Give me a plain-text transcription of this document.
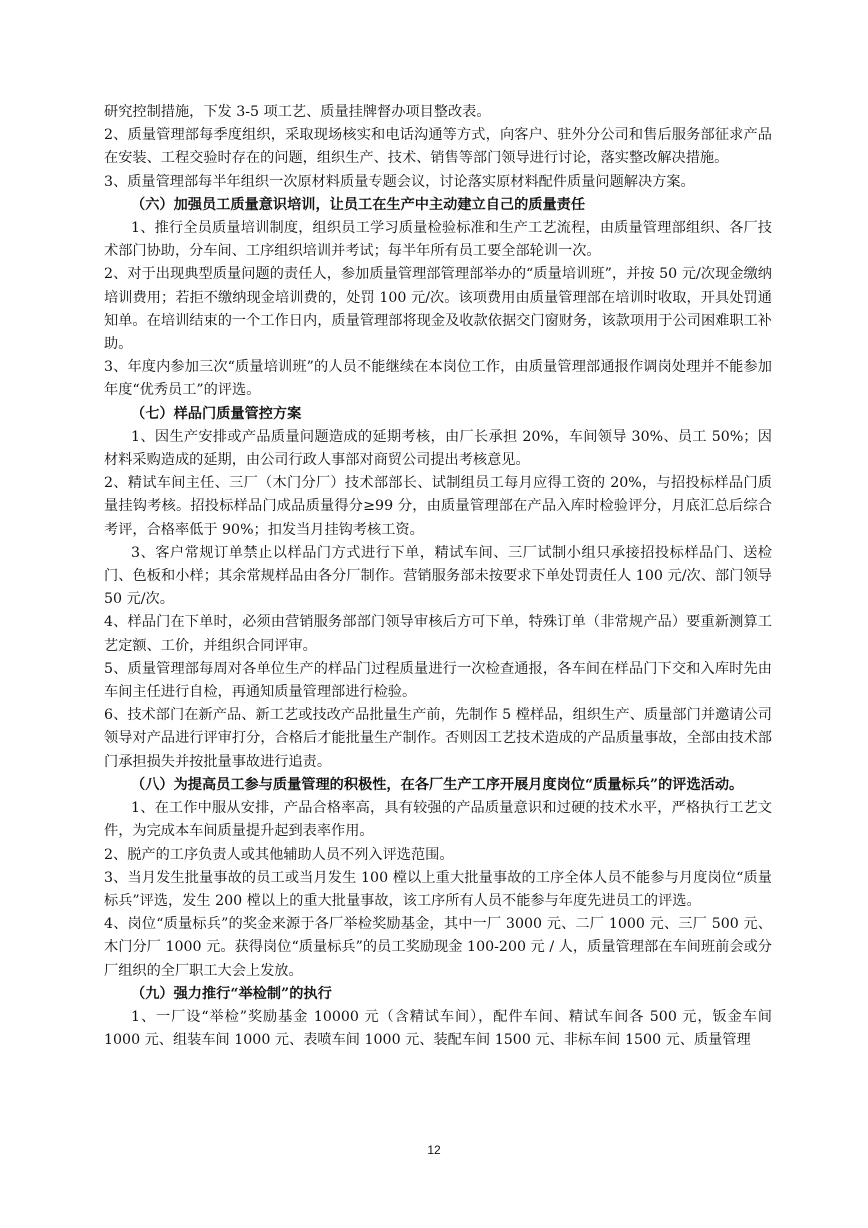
研究控制措施，下发 3-5 项工艺、质量挂牌督办项目整改表。

2、质量管理部每季度组织，采取现场核实和电话沟通等方式，向客户、驻外分公司和售后服务部征求产品在安装、工程交验时存在的问题，组织生产、技术、销售等部门领导进行讨论，落实整改解决措施。

3、质量管理部每半年组织一次原材料质量专题会议，讨论落实原材料配件质量问题解决方案。

（六）加强员工质量意识培训，让员工在生产中主动建立自己的质量责任

1、推行全员质量培训制度，组织员工学习质量检验标准和生产工艺流程，由质量管理部组织、各厂技术部门协助，分车间、工序组织培训并考试；每半年所有员工要全部轮训一次。

2、对于出现典型质量问题的责任人，参加质量管理部管理部举办的“质量培训班”，并按 50 元/次现金缴纳培训费用；若拒不缴纳现金培训费的，处罚 100 元/次。该项费用由质量管理部在培训时收取，开具处罚通知单。在培训结束的一个工作日内，质量管理部将现金及收款依据交门窗财务，该款项用于公司困难职工补助。

3、年度内参加三次“质量培训班”的人员不能继续在本岗位工作，由质量管理部通报作调岗处理并不能参加年度“优秀员工”的评选。

（七）样品门质量管控方案

1、因生产安排或产品质量问题造成的延期考核，由厂长承担 20%，车间领导 30%、员工 50%；因材料采购造成的延期，由公司行政人事部对商贸公司提出考核意见。

2、精试车间主任、三厂（木门分厂）技术部部长、试制组员工每月应得工资的 20%，与招投标样品门质量挂钩考核。招投标样品门成品质量得分≥99 分，由质量管理部在产品入库时检验评分，月底汇总后综合考评，合格率低于 90%；扣发当月挂钩考核工资。

3、客户常规订单禁止以样品门方式进行下单，精试车间、三厂试制小组只承接招投标样品门、送检门、色板和小样；其余常规样品由各分厂制作。营销服务部未按要求下单处罚责任人 100 元/次、部门领导 50 元/次。

4、样品门在下单时，必须由营销服务部部门领导审核后方可下单，特殊订单（非常规产品）要重新测算工艺定额、工价，并组织合同评审。

5、质量管理部每周对各单位生产的样品门过程质量进行一次检查通报，各车间在样品门下交和入库时先由车间主任进行自检，再通知质量管理部进行检验。

6、技术部门在新产品、新工艺或技改产品批量生产前，先制作 5 樘样品，组织生产、质量部门并邀请公司领导对产品进行评审打分，合格后才能批量生产制作。否则因工艺技术造成的产品质量事故，全部由技术部门承担损失并按批量事故进行追责。

（八）为提高员工参与质量管理的积极性，在各厂生产工序开展月度岗位“质量标兵”的评选活动。

1、在工作中服从安排，产品合格率高，具有较强的产品质量意识和过硬的技术水平，严格执行工艺文件，为完成本车间质量提升起到表率作用。

2、脱产的工序负责人或其他辅助人员不列入评选范围。

3、当月发生批量事故的员工或当月发生 100 樘以上重大批量事故的工序全体人员不能参与月度岗位“质量标兵”评选，发生 200 樘以上的重大批量事故，该工序所有人员不能参与年度先进员工的评选。

4、岗位“质量标兵”的奖金来源于各厂举检奖励基金，其中一厂 3000 元、二厂 1000 元、三厂 500 元、木门分厂 1000 元。获得岗位“质量标兵”的员工奖励现金 100-200 元 / 人，质量管理部在车间班前会或分厂组织的全厂职工大会上发放。

（九）强力推行“举检制”的执行

1、一厂设“举检”奖励基金 10000 元（含精试车间），配件车间、精试车间各 500 元，钣金车间 1000 元、组装车间 1000 元、表喷车间 1000 元、装配车间 1500 元、非标车间 1500 元、质量管理

12
